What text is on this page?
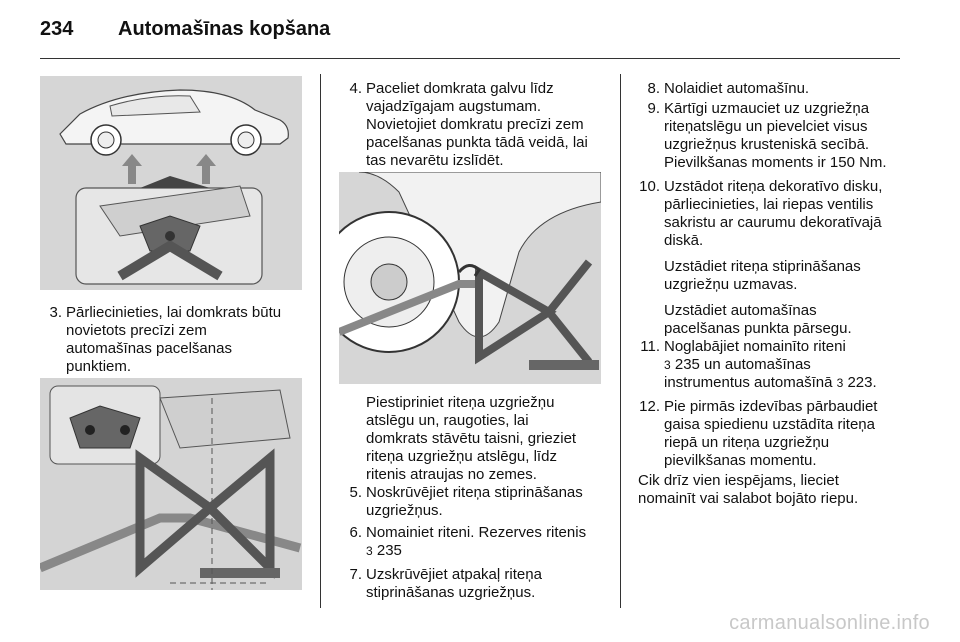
234	Automašīnas kopšana
3. Pārliecinieties, lai domkrats būtu
novietots precīzi zem
automašīnas pacelšanas
punktiem.
4. Paceliet domkrata galvu līdz
vajadzīgajam augstumam.
Novietojiet domkratu precīzi zem
pacelšanas punkta tādā veidā, lai
tas nevarētu izslīdēt.
Piestipriniet riteņa uzgriežņu
atslēgu un, raugoties, lai
domkrats stāvētu taisni, grieziet
riteņa uzgriežņu atslēgu, līdz
ritenis atraujas no zemes.
5. Noskrūvējiet riteņa stiprināšanas
uzgriežņus.
6. Nomainiet riteni. Rezerves ritenis
3 235
7. Uzskrūvējiet atpakaļ riteņa
stiprināšanas uzgriežņus.
8. Nolaidiet automašīnu.
9. Kārtīgi uzmauciet uz uzgriežņa
riteņatslēgu un pievelciet visus
uzgriežņus krusteniskā secībā.
Pievilkšanas moments ir 150 Nm.
10. Uzstādot riteņa dekoratīvo disku,
pārliecinieties, lai riepas ventilis
sakristu ar caurumu dekoratīvajā
diskā.
Uzstādiet riteņa stiprināšanas
uzgriežņu uzmavas.
Uzstādiet automašīnas
pacelšanas punkta pārsegu.
11. Noglabājiet nomainīto riteni
3 235 un automašīnas
instrumentus automašīnā 3 223.
12. Pie pirmās izdevības pārbaudiet
gaisa spiedienu uzstādīta riteņa
riepā un riteņa uzgriežņu
pievilkšanas momentu.
Cik drīz vien iespējams, lieciet
nomainīt vai salabot bojāto riepu.
carmanualsonline.info
